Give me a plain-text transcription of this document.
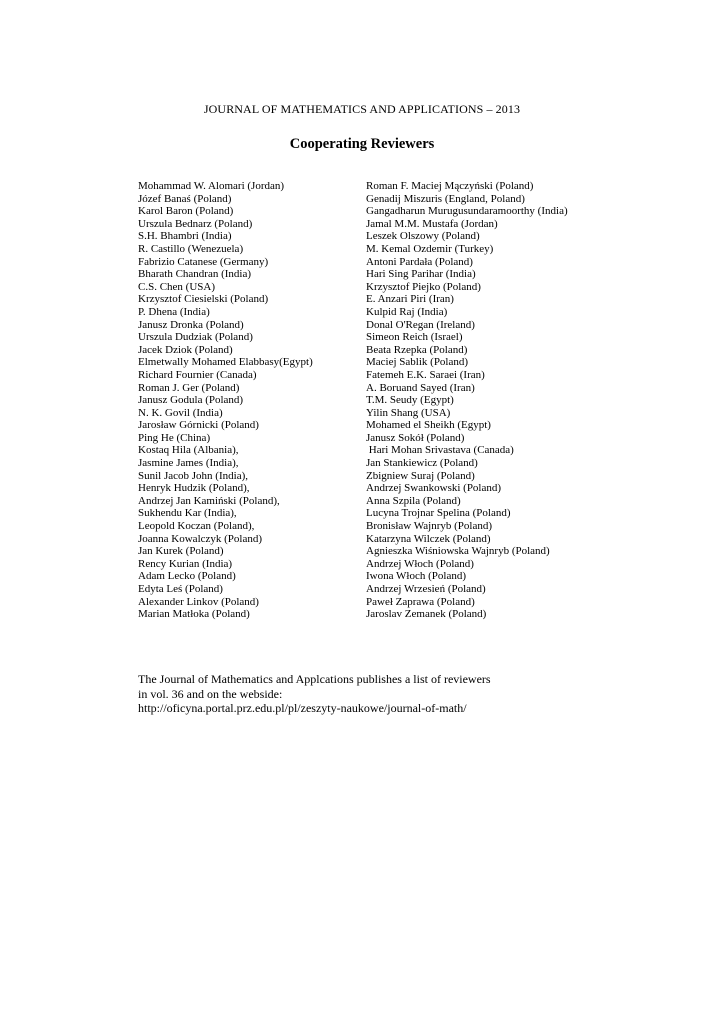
JOURNAL OF MATHEMATICS AND APPLICATIONS – 2013
Cooperating Reviewers
Mohammad W. Alomari (Jordan)
Józef Banaś (Poland)
Karol Baron (Poland)
Urszula Bednarz (Poland)
S.H. Bhambri (India)
R. Castillo (Wenezuela)
Fabrizio Catanese (Germany)
Bharath Chandran (India)
C.S. Chen (USA)
Krzysztof Ciesielski (Poland)
P. Dhena (India)
Janusz Dronka (Poland)
Urszula Dudziak (Poland)
Jacek Dziok (Poland)
Elmetwally Mohamed Elabbasy(Egypt)
Richard Fournier (Canada)
Roman J. Ger (Poland)
Janusz Godula (Poland)
N. K. Govil (India)
Jarosław Górnicki (Poland)
Ping He (China)
Kostaq Hila (Albania),
Jasmine James (India),
Sunil Jacob John (India),
Henryk Hudzik (Poland),
Andrzej Jan Kamiński (Poland),
Sukhendu Kar (India),
Leopold Koczan (Poland),
Joanna Kowalczyk (Poland)
Jan Kurek (Poland)
Rency Kurian (India)
Adam Lecko (Poland)
Edyta Leś (Poland)
Alexander Linkov (Poland)
Marian Matłoka (Poland)
Roman F. Maciej Mączyński (Poland)
Genadij Miszuris (England, Poland)
Gangadharun Murugusundaramoorthy (India)
Jamal M.M. Mustafa (Jordan)
Leszek Olszowy (Poland)
M. Kemal Ozdemir (Turkey)
Antoni Pardała (Poland)
Hari Sing Parihar (India)
Krzysztof Piejko (Poland)
E. Anzari Piri (Iran)
Kulpid Raj (India)
Donal O'Regan (Ireland)
Simeon Reich (Israel)
Beata Rzepka (Poland)
Maciej Sablik (Poland)
Fatemeh E.K. Saraei (Iran)
A. Boruand Sayed (Iran)
T.M. Seudy (Egypt)
Yilin Shang (USA)
Mohamed el Sheikh (Egypt)
Janusz Sokół (Poland)
Hari Mohan Srivastava (Canada)
Jan Stankiewicz (Poland)
Zbigniew Suraj (Poland)
Andrzej Swankowski (Poland)
Anna Szpila (Poland)
Lucyna Trojnar Spelina (Poland)
Bronisław Wajnryb (Poland)
Katarzyna Wilczek (Poland)
Agnieszka Wiśniowska Wajnryb (Poland)
Andrzej Włoch (Poland)
Iwona Włoch (Poland)
Andrzej Wrzesień (Poland)
Paweł Zaprawa (Poland)
Jaroslav Zemanek (Poland)
The Journal of Mathematics and Applcations publishes a list of reviewers
in vol. 36 and on the webside:
http://oficyna.portal.prz.edu.pl/pl/zeszyty-naukowe/journal-of-math/
